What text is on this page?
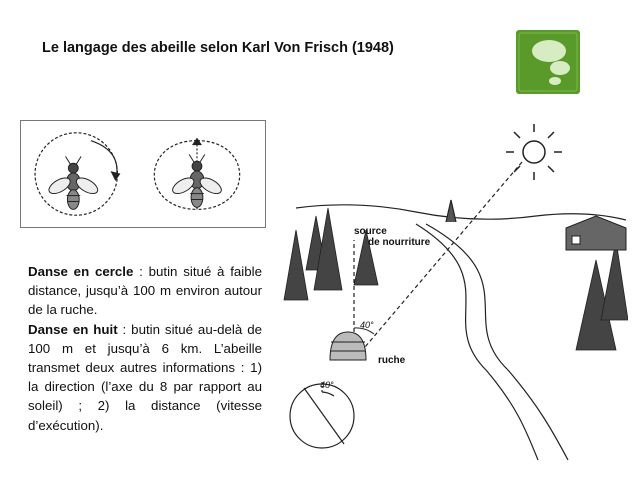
Le langage des abeille selon Karl Von Frisch (1948)
Danse en cercle : butin situé à faible distance, jusqu’à 100 m environ autour de la ruche.
Danse en huit : butin situé au-delà de 100 m et jusqu’à 6 km. L’abeille transmet deux autres informations : 1) la direction (l’axe du 8 par rapport au soleil) ; 2) la distance (vitesse d’exécution).
40°
source
de nourriture
ruche
40°
